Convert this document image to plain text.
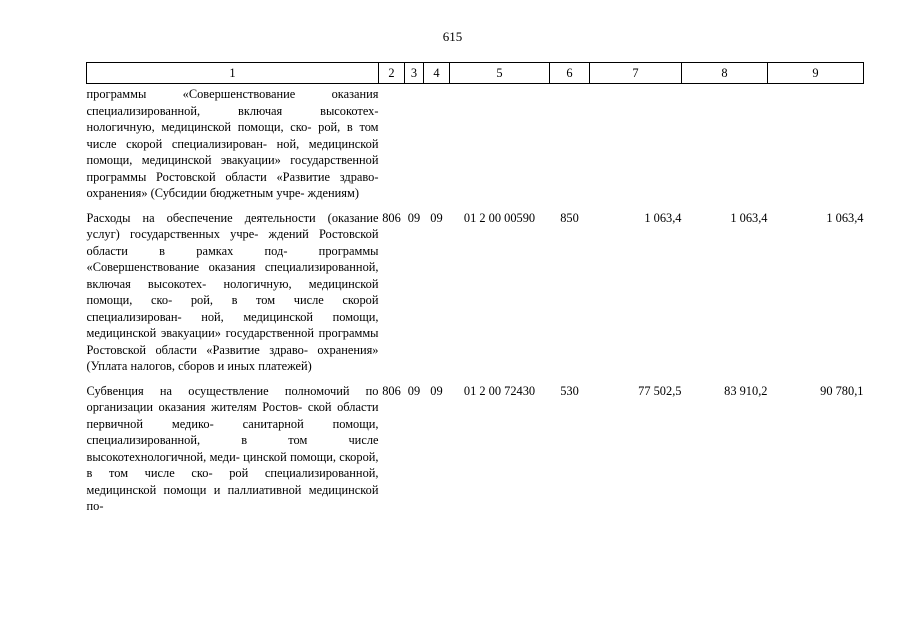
615
1	2	3	4	5	6	7	8	9
программы «Совершенствование оказания специализированной, включая высокотех- нологичную, медицинской помощи, ско- рой, в том числе скорой специализирован- ной, медицинской помощи, медицинской эвакуации» государственной программы Ростовской области «Развитие здраво- охранения» (Субсидии бюджетным учре- ждениям)								
Расходы на обеспечение деятельности (оказание услуг) государственных учре- ждений Ростовской области в рамках под- программы «Совершенствование оказания специализированной, включая высокотех- нологичную, медицинской помощи, ско- рой, в том числе скорой специализирован- ной, медицинской помощи, медицинской эвакуации» государственной программы Ростовской области «Развитие здраво- охранения» (Уплата налогов, сборов и иных платежей)	806	09	09	01 2 00 00590	850	1 063,4	1 063,4	1 063,4
Субвенция на осуществление полномочий по организации оказания жителям Ростов- ской области первичной медико- санитарной помощи, специализированной, в том числе высокотехнологичной, меди- цинской помощи, скорой, в том числе ско- рой специализированной, медицинской помощи и паллиативной медицинской по-	806	09	09	01 2 00 72430	530	77 502,5	83 910,2	90 780,1
